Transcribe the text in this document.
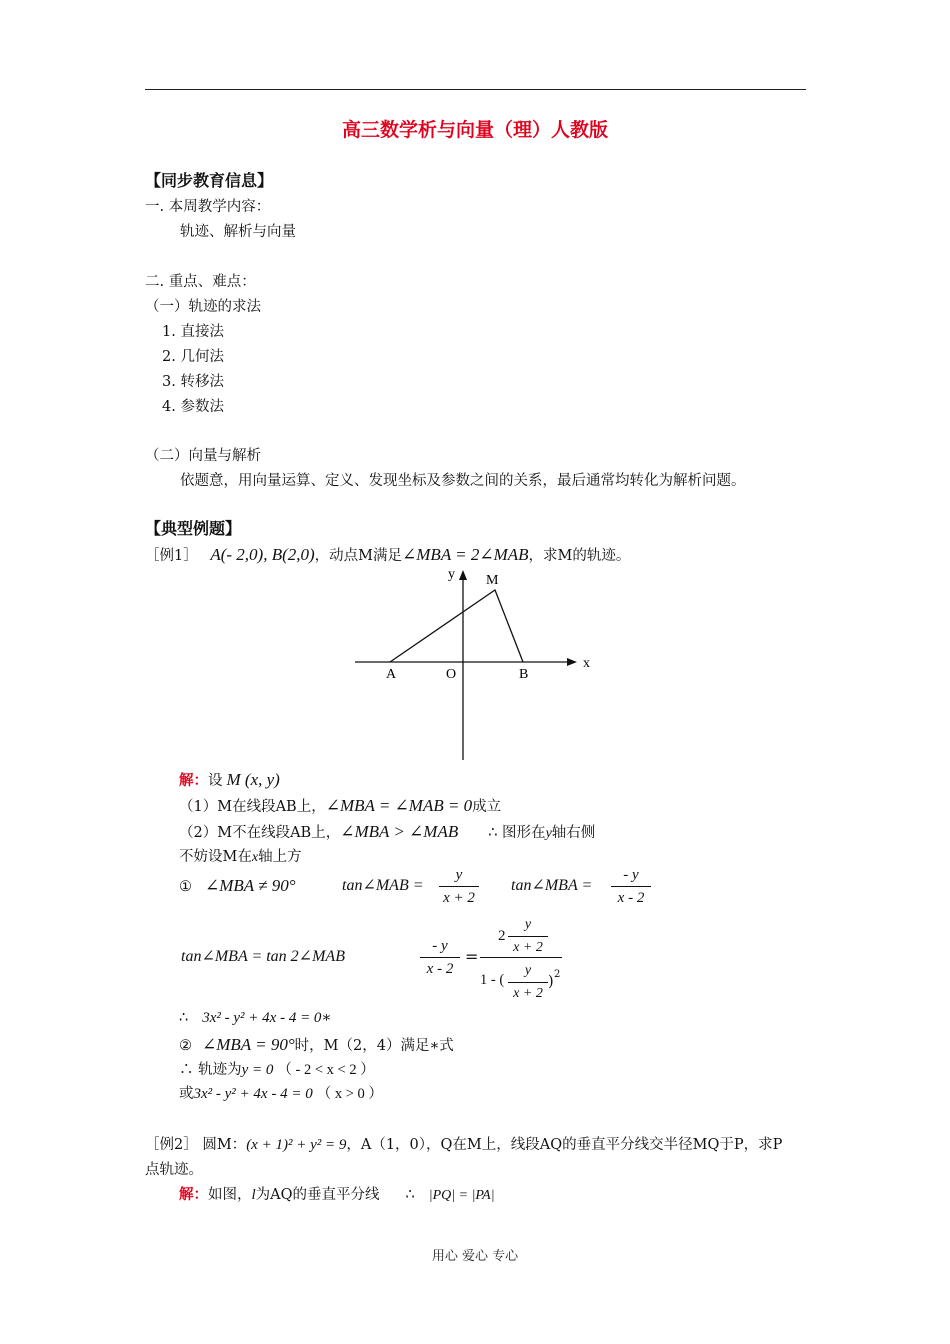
高三数学析与向量（理）人教版
【同步教育信息】
一. 本周教学内容：
轨迹、解析与向量
二. 重点、难点：
（一）轨迹的求法
1. 直接法
2. 几何法
3. 转移法
4. 参数法
（二）向量与解析
依题意，用向量运算、定义、发现坐标及参数之间的关系，最后通常均转化为解析问题。
【典型例题】
［例1］ A(- 2,0), B(2,0)，动点M满足∠MBA = 2∠MAB，求M的轨迹。
y
x
M
A	O	B
解：设 M (x, y)
（1）M在线段AB上，∠MBA = ∠MAB = 0成立
（2）M不在线段AB上，∠MBA > ∠MAB ∴ 图形在y轴右侧
不妨设M在x轴上方
① ∠MBA ≠ 90°	tan∠MAB = $\frac{y}{x + 2}$ tan∠MBA = $\frac{- y}{x - 2}$
tan∠MBA = tan 2∠MAB	$\frac{- y}{x - 2}$ =
$2 \frac{y}{x + 2}$
1 - ( $\frac{y}{x + 2}$ ) 2
∴ 3x² - y² + 4x - 4 = 0∗
② ∠MBA = 90°时，M（2，4）满足∗式
∴ 轨迹为y = 0 （ - 2 < x < 2 ）
或3x² - y² + 4x - 4 = 0 （ x > 0 ）
［例2］ 圆M：(x + 1)² + y² = 9，A（1，0），Q在M上，线段AQ的垂直平分线交半径MQ于P，求P
点轨迹。
解：如图，l为AQ的垂直平分线 ∴ |PQ| = |PA|
用心 爱心 专心
